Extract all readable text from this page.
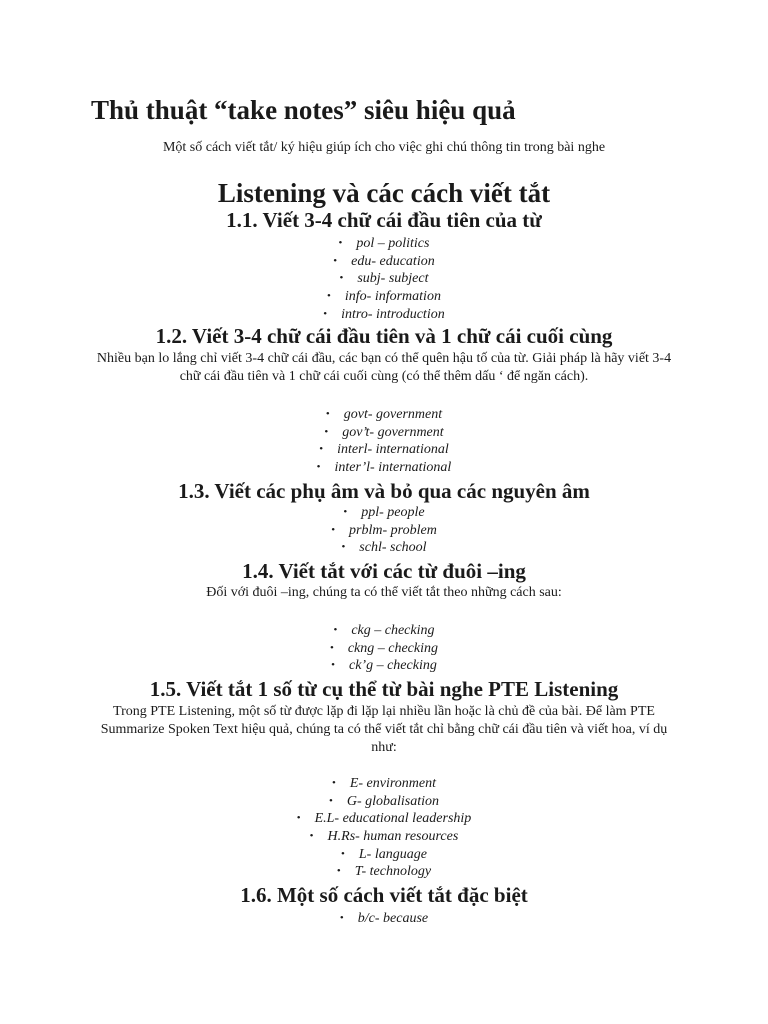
Thủ thuật “take notes” siêu hiệu quả

Một số cách viết tắt/ ký hiệu giúp ích cho việc ghi chú thông tin trong bài nghe

Listening và các cách viết tắt
1.1. Viết 3-4 chữ cái đầu tiên của từ
• pol – politics
• edu- education
• subj- subject
• info- information
• intro- introduction
1.2. Viết 3-4 chữ cái đầu tiên và 1 chữ cái cuối cùng

Nhiều bạn lo lắng chỉ viết 3-4 chữ cái đầu, các bạn có thể quên hậu tố của từ. Giải pháp là hãy viết 3-4 chữ cái đầu tiên và 1 chữ cái cuối cùng (có thể thêm dấu ‘ để ngăn cách).

• govt- government
• gov’t- government
• interl- international
• inter’l- international
1.3. Viết các phụ âm và bỏ qua các nguyên âm
• ppl- people
• prblm- problem
• schl- school
1.4. Viết tắt với các từ đuôi –ing

Đối với đuôi –ing, chúng ta có thể viết tắt theo những cách sau:

• ckg – checking
• ckng – checking
• ck’g – checking
1.5. Viết tắt 1 số từ cụ thể từ bài nghe PTE Listening

Trong PTE Listening, một số từ được lặp đi lặp lại nhiều lần hoặc là chủ đề của bài. Để làm PTE Summarize Spoken Text hiệu quả, chúng ta có thể viết tắt chỉ bằng chữ cái đầu tiên và viết hoa, ví dụ như:

• E- environment
• G- globalisation
• E.L- educational leadership
• H.Rs- human resources
• L- language
• T- technology
1.6. Một số cách viết tắt đặc biệt
• b/c- because
